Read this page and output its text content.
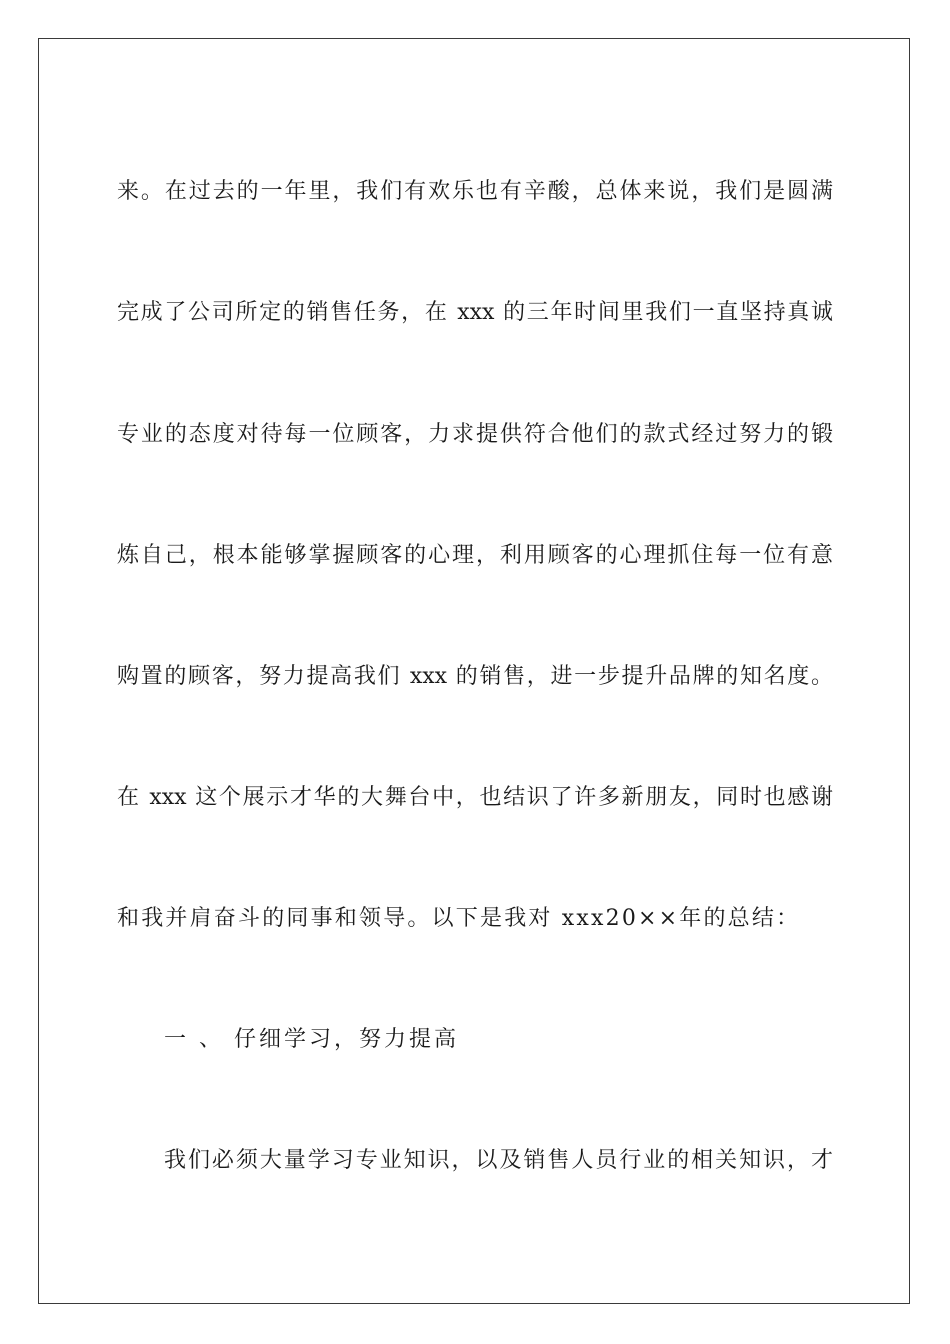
来。在过去的一年里，我们有欢乐也有辛酸，总体来说，我们是圆满
完成了公司所定的销售任务，在 xxx 的三年时间里我们一直坚持真诚
专业的态度对待每一位顾客，力求提供符合他们的款式经过努力的锻
炼自己，根本能够掌握顾客的心理，利用顾客的心理抓住每一位有意
购置的顾客，努力提高我们 xxx 的销售，进一步提升品牌的知名度。
在 xxx 这个展示才华的大舞台中，也结识了许多新朋友，同时也感谢
和我并肩奋斗的同事和领导。以下是我对 xxx20××年的总结：
一 、 仔细学习，努力提高
我们必须大量学习专业知识，以及销售人员行业的相关知识，才
